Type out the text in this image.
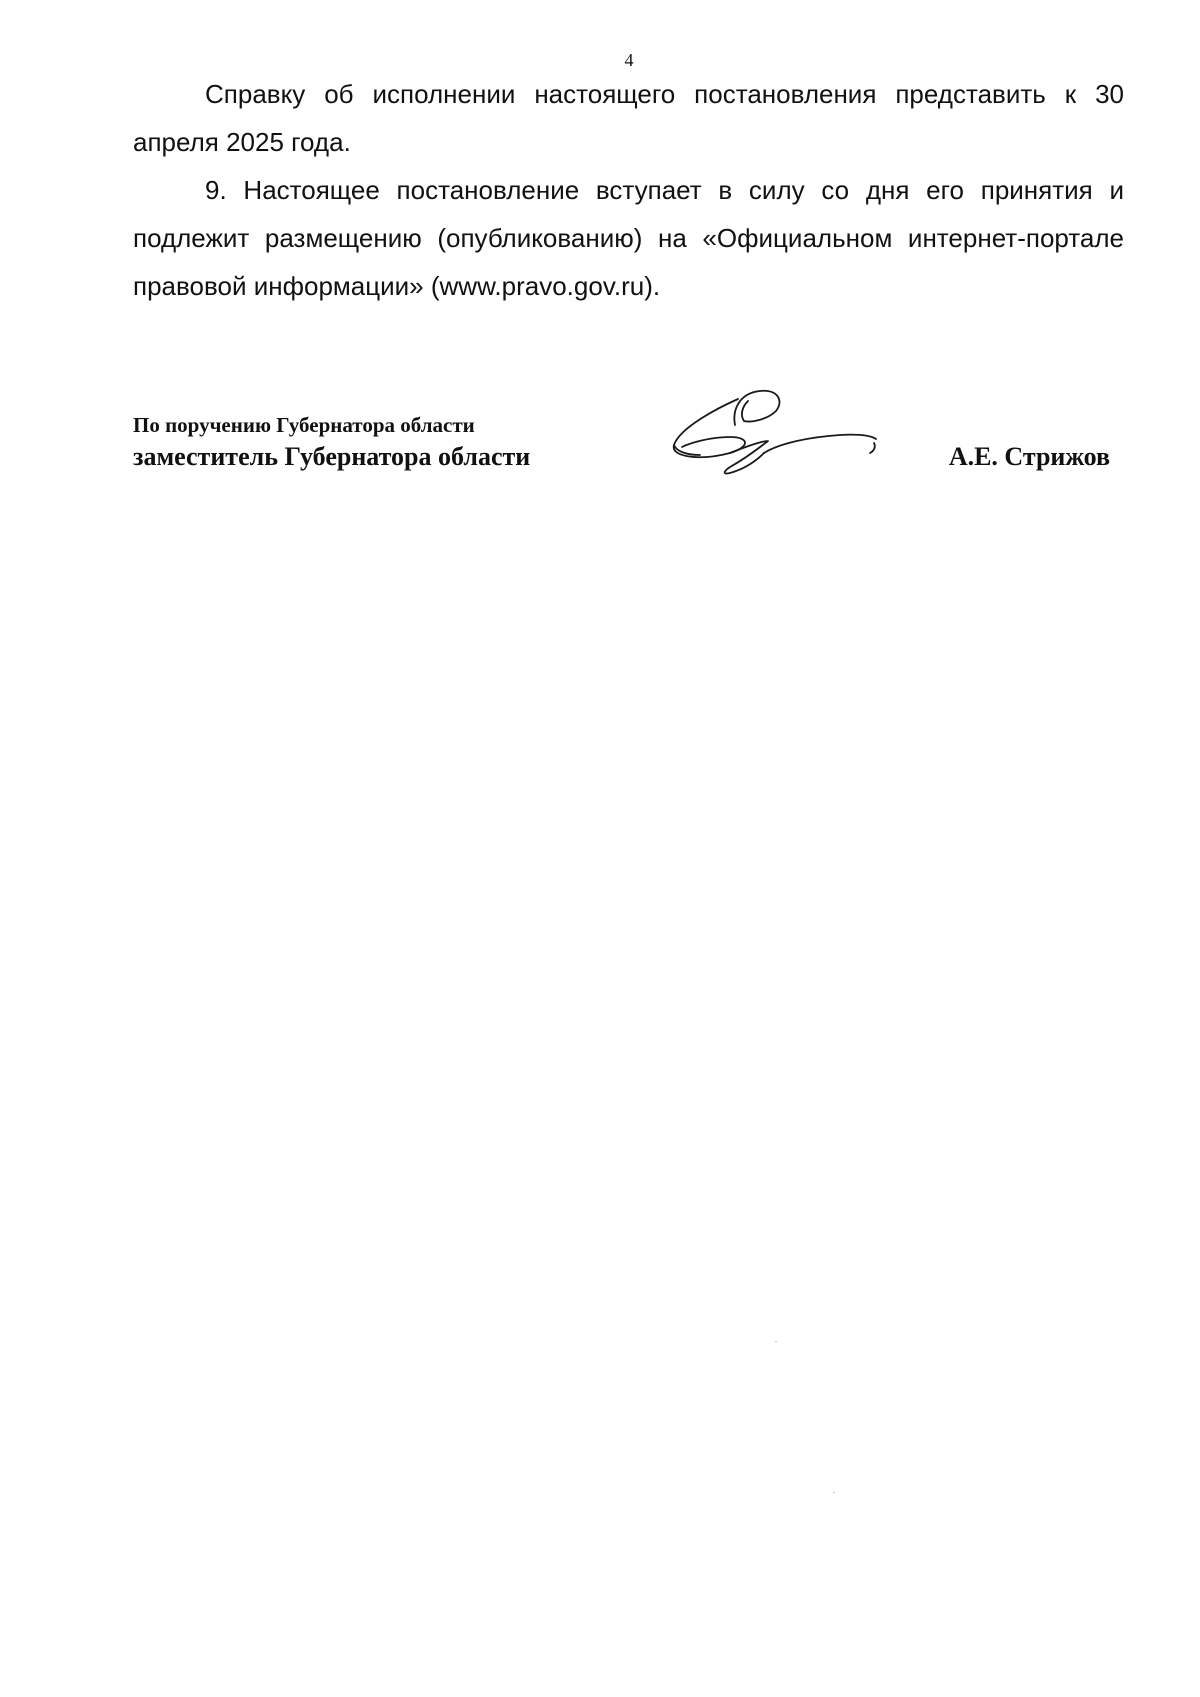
4

Справку об исполнении настоящего постановления представить к 30 апреля 2025 года.

9. Настоящее постановление вступает в силу со дня его принятия и подлежит размещению (опубликованию) на «Официальном интернет-портале правовой информации» (www.pravo.gov.ru).

По поручению Губернатора области
заместитель Губернатора области	А.Е. Стрижов
